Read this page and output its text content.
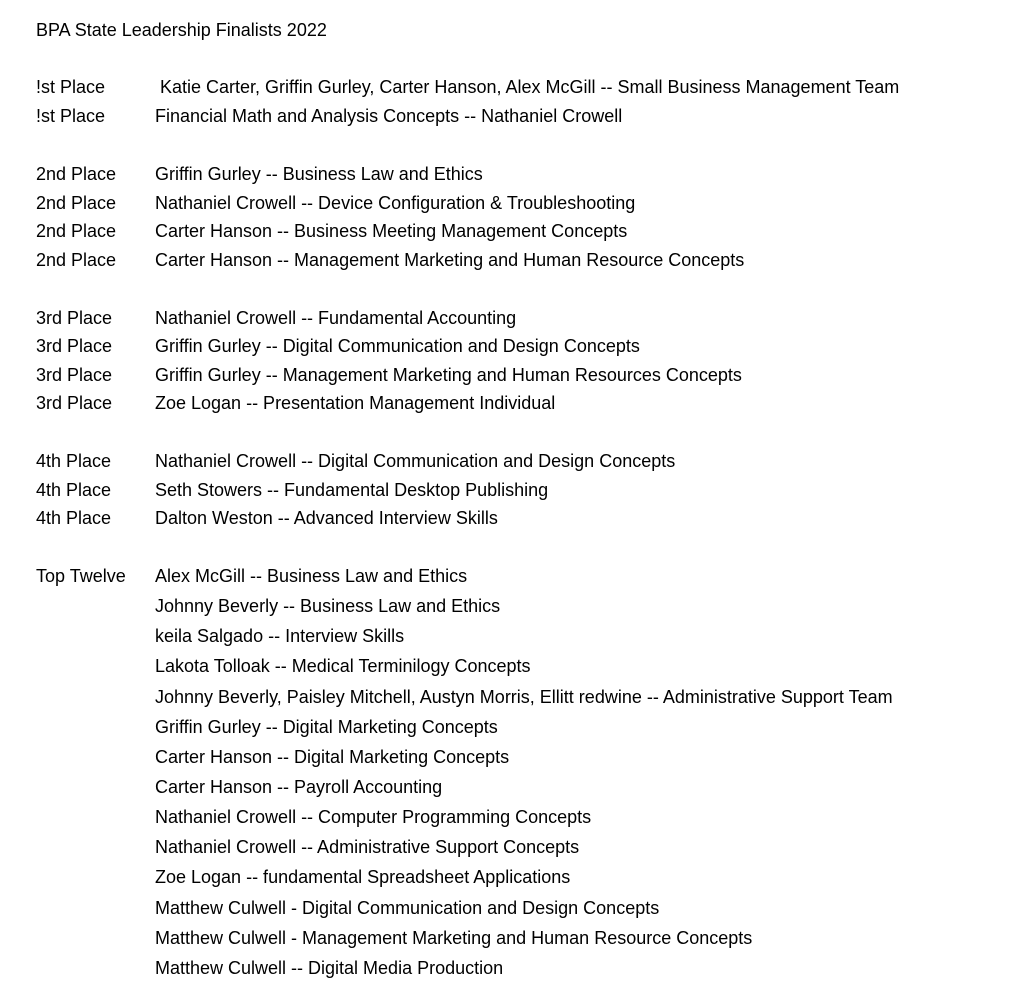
BPA State Leadership Finalists 2022
!st Place	Katie Carter, Griffin Gurley, Carter Hanson, Alex McGill -- Small Business Management Team
!st Place	Financial Math and Analysis Concepts -- Nathaniel Crowell
2nd Place Griffin Gurley -- Business Law and Ethics
2nd Place Nathaniel Crowell -- Device Configuration & Troubleshooting
2nd Place Carter Hanson -- Business Meeting Management Concepts
2nd Place Carter Hanson -- Management Marketing and Human Resource Concepts
3rd Place Nathaniel Crowell -- Fundamental Accounting
3rd Place Griffin Gurley -- Digital Communication and Design Concepts
3rd Place Griffin Gurley -- Management Marketing and Human Resources Concepts
3rd Place Zoe Logan -- Presentation Management Individual
4th Place Nathaniel Crowell -- Digital Communication and Design Concepts
4th Place Seth Stowers -- Fundamental Desktop Publishing
4th Place Dalton Weston -- Advanced Interview Skills
Top Twelve Alex McGill -- Business Law and Ethics
Johnny Beverly -- Business Law and Ethics
keila Salgado -- Interview Skills
Lakota Tolloak -- Medical Terminilogy Concepts
Johnny Beverly, Paisley Mitchell, Austyn Morris, Ellitt redwine -- Administrative Support Team
Griffin Gurley -- Digital Marketing Concepts
Carter Hanson -- Digital Marketing Concepts
Carter Hanson -- Payroll Accounting
Nathaniel Crowell -- Computer Programming Concepts
Nathaniel Crowell -- Administrative Support Concepts
Zoe Logan -- fundamental Spreadsheet Applications
Matthew Culwell - Digital Communication and Design Concepts
Matthew Culwell - Management Marketing and Human Resource Concepts
Matthew Culwell -- Digital Media Production
